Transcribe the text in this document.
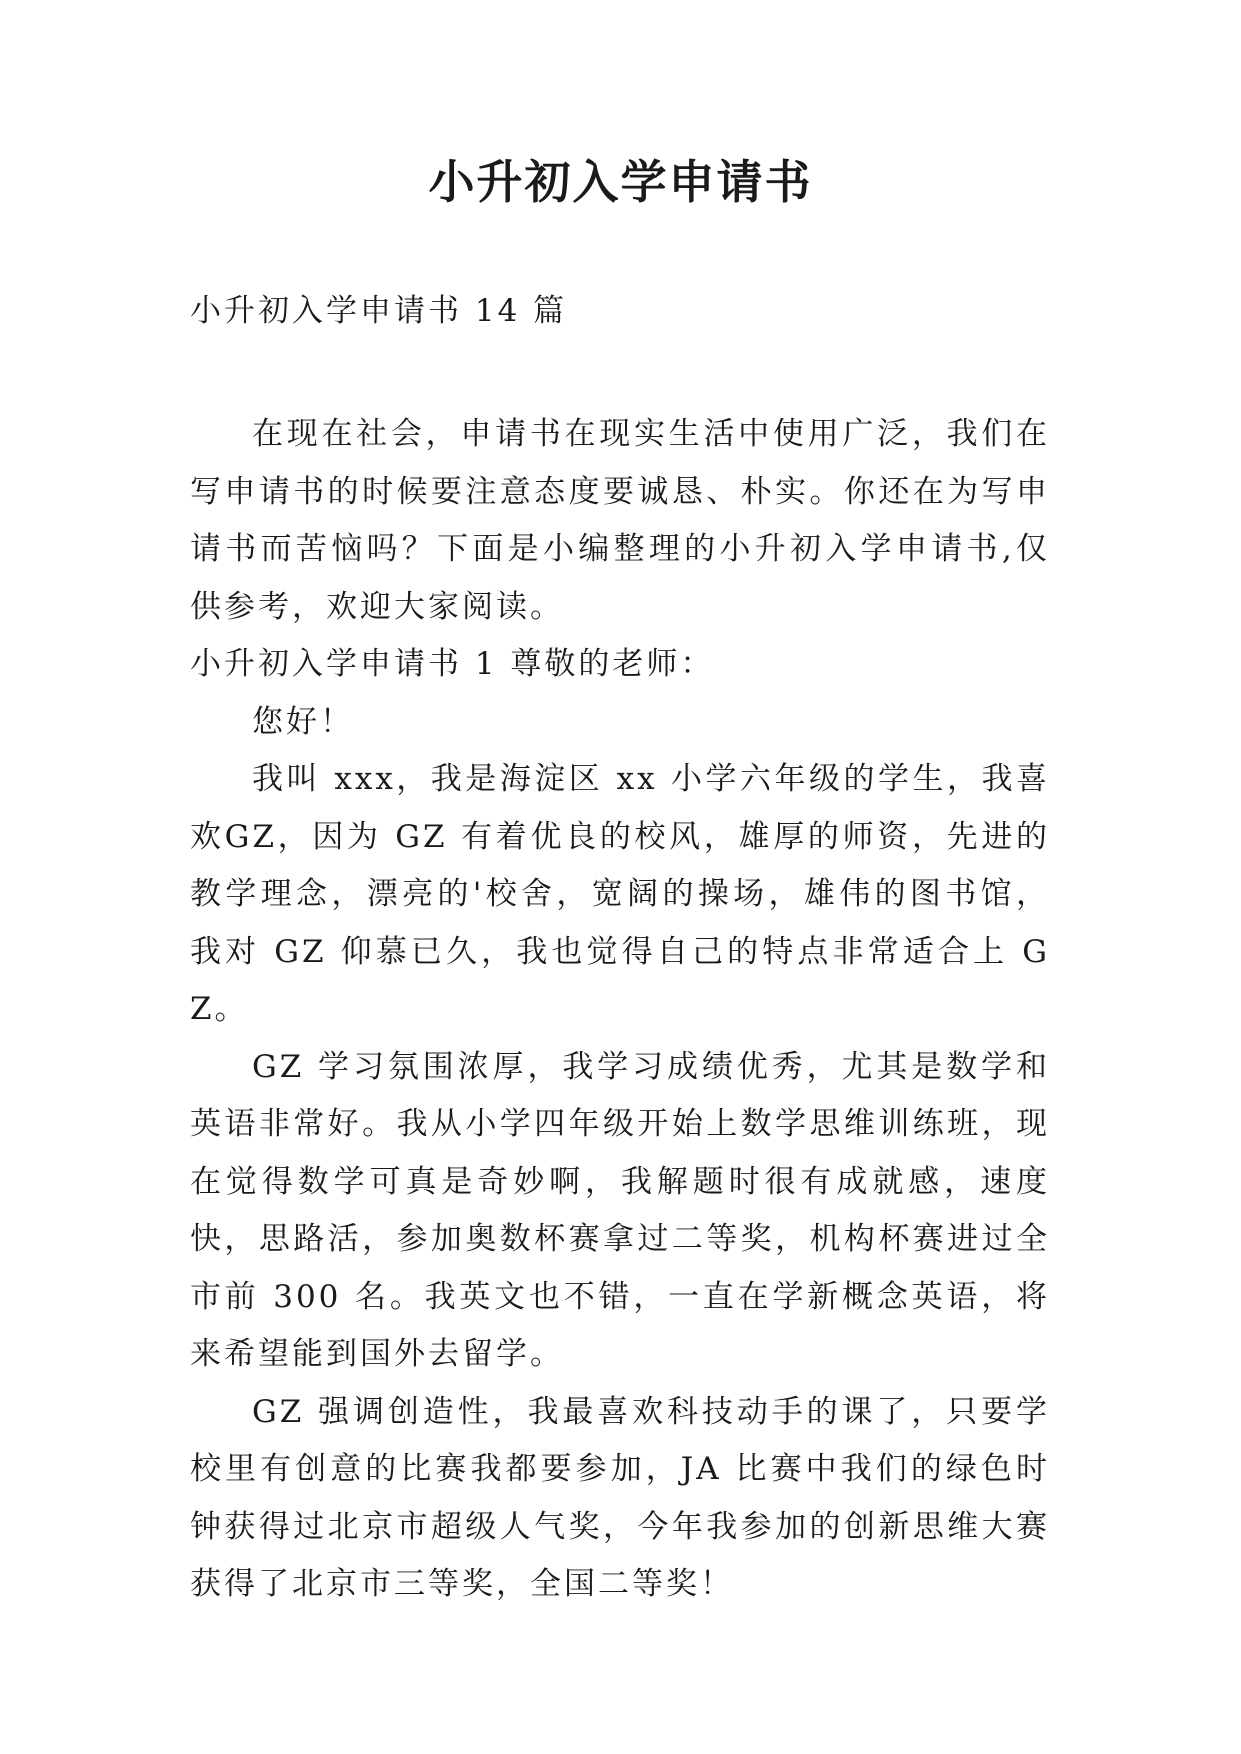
小升初入学申请书
小升初入学申请书 14 篇

在现在社会，申请书在现实生活中使用广泛，我们在写申请书的时候要注意态度要诚恳、朴实。你还在为写申请书而苦恼吗？下面是小编整理的小升初入学申请书,仅供参考，欢迎大家阅读。

小升初入学申请书 1 尊敬的老师：

您好！

我叫 xxx，我是海淀区 xx 小学六年级的学生，我喜欢GZ，因为 GZ 有着优良的校风，雄厚的师资，先进的教学理念，漂亮的'校舍，宽阔的操场，雄伟的图书馆，我对 GZ 仰慕已久，我也觉得自己的特点非常适合上 GZ。

GZ 学习氛围浓厚，我学习成绩优秀，尤其是数学和英语非常好。我从小学四年级开始上数学思维训练班，现在觉得数学可真是奇妙啊，我解题时很有成就感，速度快，思路活，参加奥数杯赛拿过二等奖，机构杯赛进过全市前 300 名。我英文也不错，一直在学新概念英语，将来希望能到国外去留学。

GZ 强调创造性，我最喜欢科技动手的课了，只要学校里有创意的比赛我都要参加，JA 比赛中我们的绿色时钟获得过北京市超级人气奖，今年我参加的创新思维大赛获得了北京市三等奖，全国二等奖！
